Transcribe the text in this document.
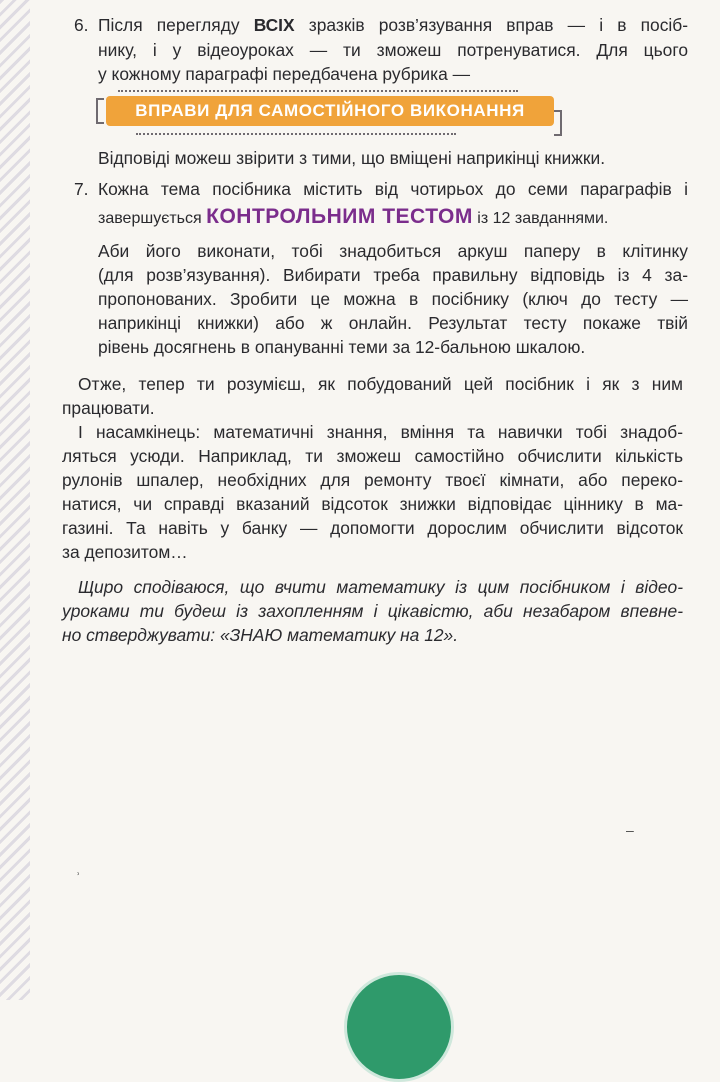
6. Після перегляду ВСІХ зразків розв’язування вправ — і в посіб-
нику, і у відеоуроках — ти зможеш потренуватися. Для цього
у кожному параграфі передбачена рубрика —
ВПРАВИ ДЛЯ САМОСТІЙНОГО ВИКОНАННЯ
Відповіді можеш звірити з тими, що вміщені наприкінці книжки.
7. Кожна тема посібника містить від чотирьох до семи параграфів і
завершується КОНТРОЛЬНИМ ТЕСТОМ із 12 завданнями.
Аби його виконати, тобі знадобиться аркуш паперу в клітинку
(для розв’язування). Вибирати треба правильну відповідь із 4 за-
пропонованих. Зробити це можна в посібнику (ключ до тесту —
наприкінці книжки) або ж онлайн. Результат тесту покаже твій
рівень досягнень в опануванні теми за 12-бальною шкалою.
Отже, тепер ти розумієш, як побудований цей посібник і як з ним
працювати.
І насамкінець: математичні знання, вміння та навички тобі знадоб-
ляться усюди. Наприклад, ти зможеш самостійно обчислити кількість
рулонів шпалер, необхідних для ремонту твоєї кімнати, або переко-
натися, чи справді вказаний відсоток знижки відповідає ціннику в ма-
газині. Та навіть у банку — допомогти дорослим обчислити відсоток
за депозитом…
Щиро сподіваюся, що вчити математику із цим посібником і відео-
уроками ти будеш із захопленням і цікавістю, аби незабаром впевне-
но стверджувати: «ЗНАЮ математику на 12».
⸒
‒
